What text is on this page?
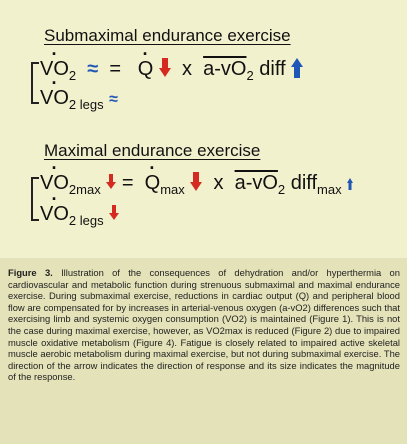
Submaximal endurance exercise
· $VO_2$ ≈ = · Q x $a-vO_2$ diff
· $VO_{2 legs}$ ≈
Maximal endurance exercise
· $VO_{2max}$ = · $Q_{max}$ x $a-vO_2$ diff$_{max}$
· $VO_{2 legs}$
Figure 3. Illustration of the consequences of dehydration and/or hyperthermia on cardiovascular and metabolic function during strenuous submaximal and maximal endurance exercise. During submaximal exercise, reductions in cardiac output (Q) and peripheral blood flow are compensated for by increases in arterial-venous oxygen (a-vO2) differences such that exercising limb and systemic oxygen consumption (VO2) is maintained (Figure 1). This is not the case during maximal exercise, however, as VO2max is reduced (Figure 2) due to impaired muscle oxidative metabolism (Figure 4). Fatigue is closely related to impaired active skeletal muscle aerobic metabolism during maximal exercise, but not during submaximal exercise. The direction of the arrow indicates the direction of response and its size indicates the magnitude of the response.
